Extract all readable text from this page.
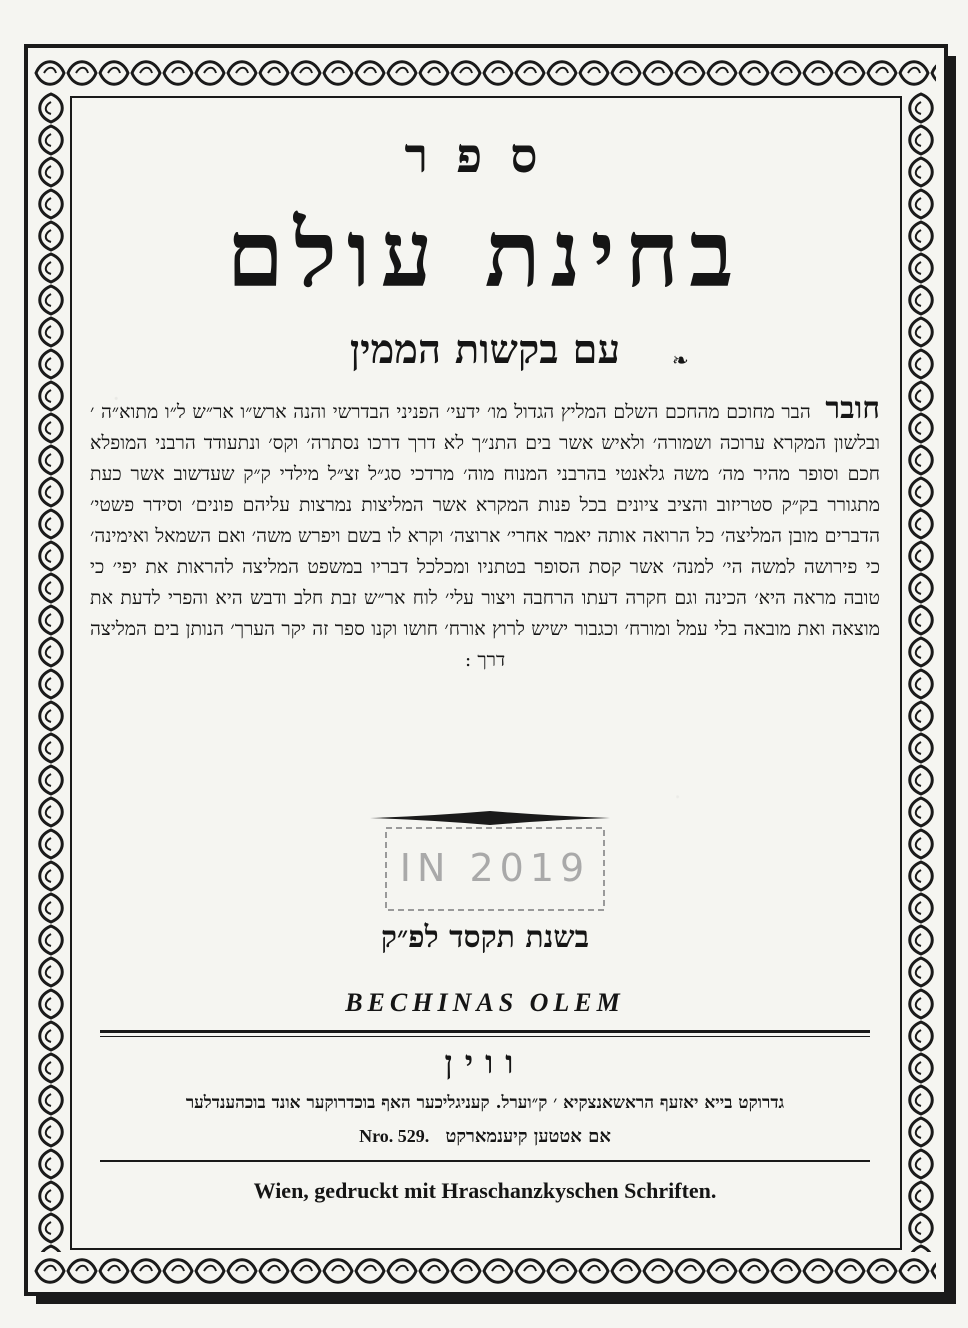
ספר
בחינת עולם
עם בקשות הממין	❧
חובר הבר מחוכם מהחכם השלם המליץ הגדול מו׳ ידעי׳ הפניני הבדרשי והנה ארש״ו אר״ש ל״ו מתוא״ה ׳ ובלשון המקרא ערוכה ושמורה׳ ולאיש אשר בים התנ״ך לא דרך דרכו נסתרה׳ וקס׳ ונתעודד הרבני המופלא חכם וסופר מהיר מה׳ משה גלאנטי בהרבני המנוח מוה׳ מרדכי סג״ל זצ״ל מילדי ק״ק שעדשוב אשר כעת מתגורר בק״ק סטריזוב והציב ציונים בכל פנות המקרא אשר המליצות נמרצות עליהם פונים׳ וסידר פשטי׳ הדברים מובן המליצה׳ כל הרואה אותה יאמר אחרי׳ ארוצה׳ וקרא לו בשם ויפרש משה׳ ואם השמאל ואימינה׳ כי פירושה למשה הי׳ למנה׳ אשר קסת הסופר בטתניו ומכלכל דבריו במשפט המליצה להראות את יפי׳ כי טובה מראה היא׳ הכינה וגם חקרה דעתו הרחבה ויצור עלי׳ לוח אר״ש זבת חלב ודבש היא והפרי לדעת את מוצאה ואת מובאה בלי עמל ומורח׳ וכגבור ישיש לרוץ אורח׳ חושו וקנו ספר זה יקר הערך׳ הנותן בים המליצה דרך :
IN 2019
בשנת תקסד לפ״ק
BECHINAS OLEM
ווין
גדרוקט בייא יאזעף הראשאנצקיא ׳ ק״וערל. קעניגליכער האף בוכדרוקער אונד בוכהענדלער
אם אטטען קיענמארקט Nro. 529.
Wien, gedruckt mit Hraschanzkyschen Schriften.
